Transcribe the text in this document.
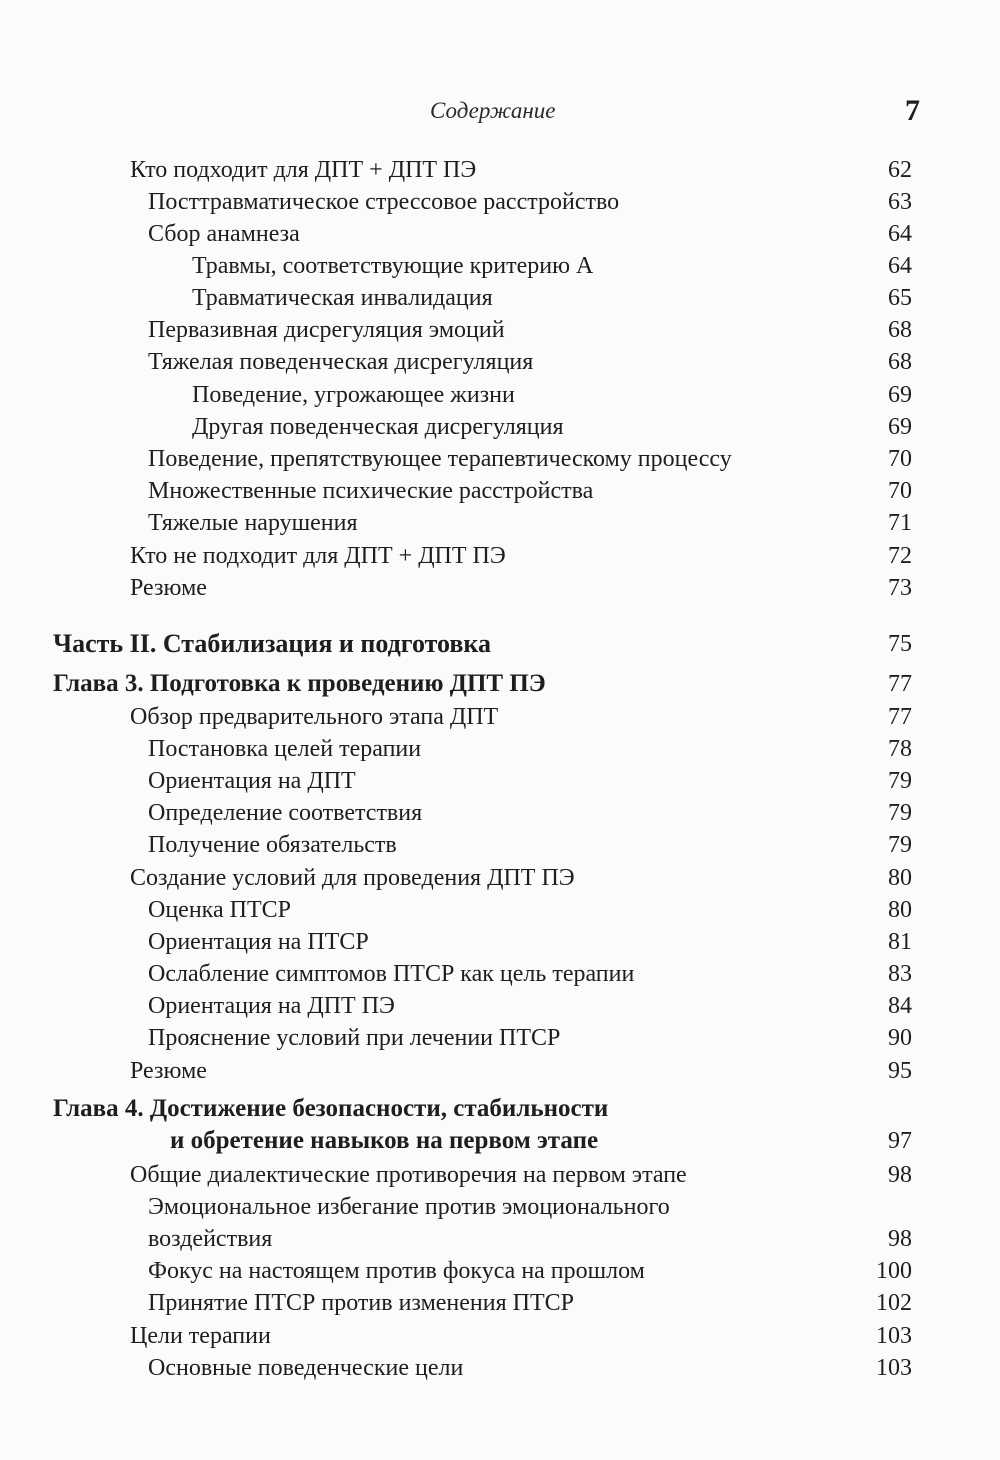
Содержание	7
Кто подходит для ДПТ + ДПТ ПЭ	62
Посттравматическое стрессовое расстройство	63
Сбор анамнеза	64
Травмы, соответствующие критерию А	64
Травматическая инвалидация	65
Первазивная дисрегуляция эмоций	68
Тяжелая поведенческая дисрегуляция	68
Поведение, угрожающее жизни	69
Другая поведенческая дисрегуляция	69
Поведение, препятствующее терапевтическому процессу	70
Множественные психические расстройства	70
Тяжелые нарушения	71
Кто не подходит для ДПТ + ДПТ ПЭ	72
Резюме	73
Часть II. Стабилизация и подготовка	75
Глава 3. Подготовка к проведению ДПТ ПЭ	77
Обзор предварительного этапа ДПТ	77
Постановка целей терапии	78
Ориентация на ДПТ	79
Определение соответствия	79
Получение обязательств	79
Создание условий для проведения ДПТ ПЭ	80
Оценка ПТСР	80
Ориентация на ПТСР	81
Ослабление симптомов ПТСР как цель терапии	83
Ориентация на ДПТ ПЭ	84
Прояснение условий при лечении ПТСР	90
Резюме	95
Глава 4. Достижение безопасности, стабильности
и обретение навыков на первом этапе	97
Общие диалектические противоречия на первом этапе	98
Эмоциональное избегание против эмоционального
воздействия	98
Фокус на настоящем против фокуса на прошлом	100
Принятие ПТСР против изменения ПТСР	102
Цели терапии	103
Основные поведенческие цели	103
